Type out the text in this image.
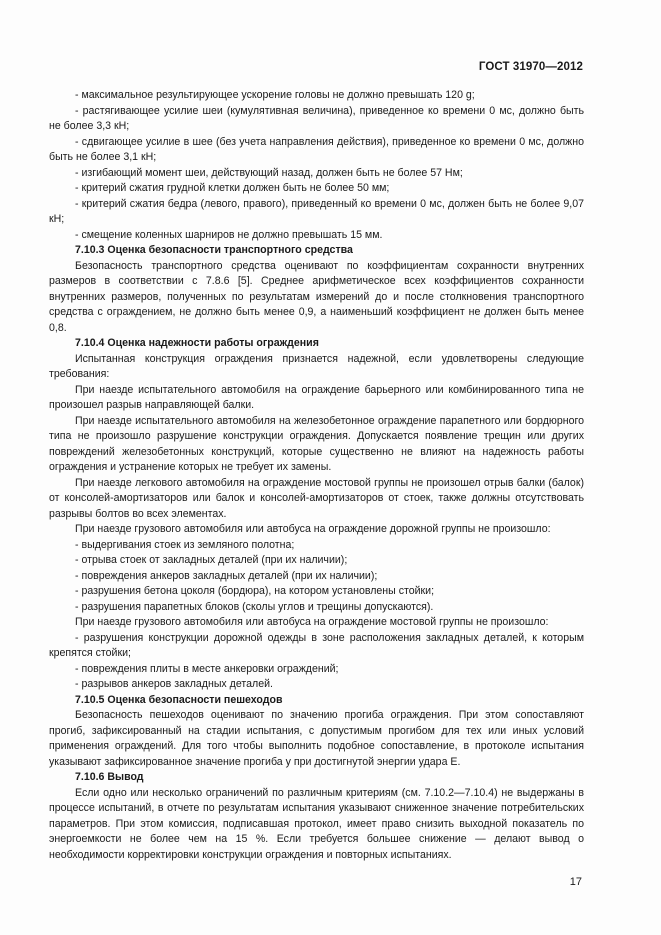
ГОСТ 31970—2012

- максимальное результирующее ускорение головы не должно превышать 120 g;

- растягивающее усилие шеи (кумулятивная величина), приведенное ко времени 0 мс, должно быть не более 3,3 кН;

- сдвигающее усилие в шее (без учета направления действия), приведенное ко времени 0 мс, должно быть не более 3,1 кН;

- изгибающий момент шеи, действующий назад, должен быть не более 57 Нм;

- критерий сжатия грудной клетки должен быть не более 50 мм;

- критерий сжатия бедра (левого, правого), приведенный ко времени 0 мс, должен быть не более 9,07 кН;

- смещение коленных шарниров не должно превышать 15 мм.

7.10.3 Оценка безопасности транспортного средства

Безопасность транспортного средства оценивают по коэффициентам сохранности внутренних размеров в соответствии с 7.8.6 [5]. Среднее арифметическое всех коэффициентов сохранности внутренних размеров, полученных по результатам измерений до и после столкновения транспортного средства с ограждением, не должно быть менее 0,9, а наименьший коэффициент не должен быть менее 0,8.

7.10.4 Оценка надежности работы ограждения

Испытанная конструкция ограждения признается надежной, если удовлетворены следующие требования:

При наезде испытательного автомобиля на ограждение барьерного или комбинированного типа не произошел разрыв направляющей балки.

При наезде испытательного автомобиля на железобетонное ограждение парапетного или бордюрного типа не произошло разрушение конструкции ограждения. Допускается появление трещин или других повреждений железобетонных конструкций, которые существенно не влияют на надежность работы ограждения и устранение которых не требует их замены.

При наезде легкового автомобиля на ограждение мостовой группы не произошел отрыв балки (балок) от консолей-амортизаторов или балок и консолей-амортизаторов от стоек, также должны отсутствовать разрывы болтов во всех элементах.

При наезде грузового автомобиля или автобуса на ограждение дорожной группы не произошло:

- выдергивания стоек из земляного полотна;

- отрыва стоек от закладных деталей (при их наличии);

- повреждения анкеров закладных деталей (при их наличии);

- разрушения бетона цоколя (бордюра), на котором установлены стойки;

- разрушения парапетных блоков (сколы углов и трещины допускаются).

При наезде грузового автомобиля или автобуса на ограждение мостовой группы не произошло:

- разрушения конструкции дорожной одежды в зоне расположения закладных деталей, к которым крепятся стойки;

- повреждения плиты в месте анкеровки ограждений;

- разрывов анкеров закладных деталей.

7.10.5 Оценка безопасности пешеходов

Безопасность пешеходов оценивают по значению прогиба ограждения. При этом сопоставляют прогиб, зафиксированный на стадии испытания, с допустимым прогибом для тех или иных условий применения ограждений. Для того чтобы выполнить подобное сопоставление, в протоколе испытания указывают зафиксированное значение прогиба y при достигнутой энергии удара E.

7.10.6 Вывод

Если одно или несколько ограничений по различным критериям (см. 7.10.2—7.10.4) не выдержаны в процессе испытаний, в отчете по результатам испытания указывают сниженное значение потребительских параметров. При этом комиссия, подписавшая протокол, имеет право снизить выходной показатель по энергоемкости не более чем на 15 %. Если требуется большее снижение — делают вывод о необходимости корректировки конструкции ограждения и повторных испытаниях.

17
